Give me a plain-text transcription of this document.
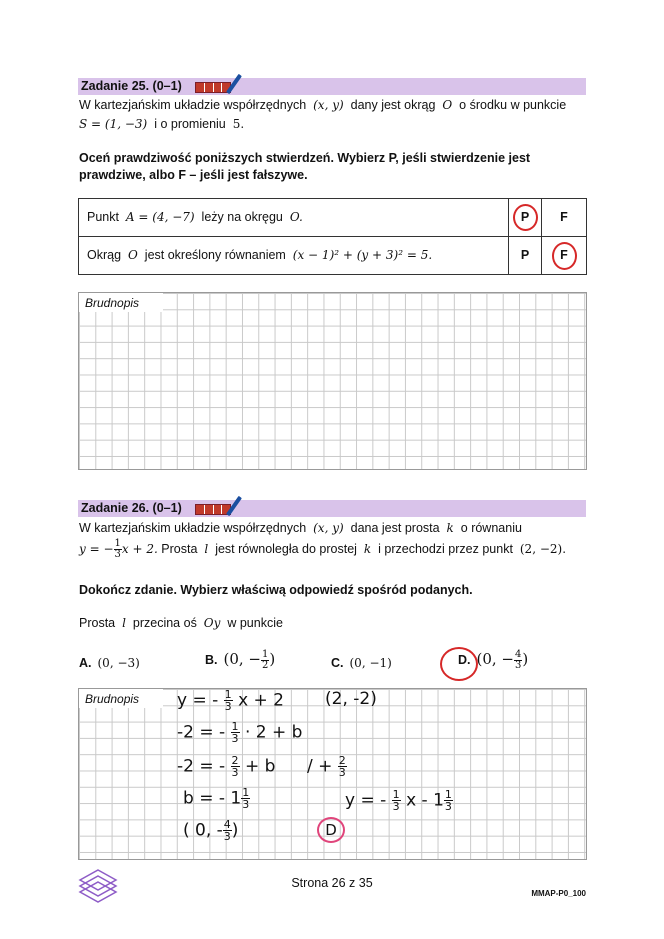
Zadanie 25. (0–1)
W kartezjańskim układzie współrzędnych (x, y) dany jest okrąg O o środku w punkcie
S = (1, −3) i o promieniu 5.
Oceń prawdziwość poniższych stwierdzeń. Wybierz P, jeśli stwierdzenie jest prawdziwe, albo F – jeśli jest fałszywe.
Punkt A = (4, −7) leży na okręgu O.	P	F
Okrąg O jest określony równaniem (x − 1)² + (y + 3)² = 5.	P	F
Brudnopis
Zadanie 26. (0–1)
W kartezjańskim układzie współrzędnych (x, y) dana jest prosta k o równaniu
y = − $\frac{1}{3}$ x + 2. Prosta l jest równoległa do prostej k i przechodzi przez punkt (2, −2).
Dokończ zdanie. Wybierz właściwą odpowiedź spośród podanych.
Prosta l przecina oś Oy w punkcie
A. (0, −3)	B. (0, − $\frac{1}{2}$ )	C. (0, −1)	D. (0, − $\frac{4}{3}$ )
Brudnopis	y = - $\frac{1}{3}$ x + 2 (2, -2)
-2 = - $\frac{1}{3} \cdot 2 + b$
-2 = - $\frac{2}{3} + b$ / + $\frac{2}{3}$
b = - $1 \frac{1}{3}$	y = - $\frac{1}{3}$ x - $1 \frac{1}{3}$
( 0, - $\frac{4}{3}$)	D
Strona 26 z 35
MMAP-P0_100
